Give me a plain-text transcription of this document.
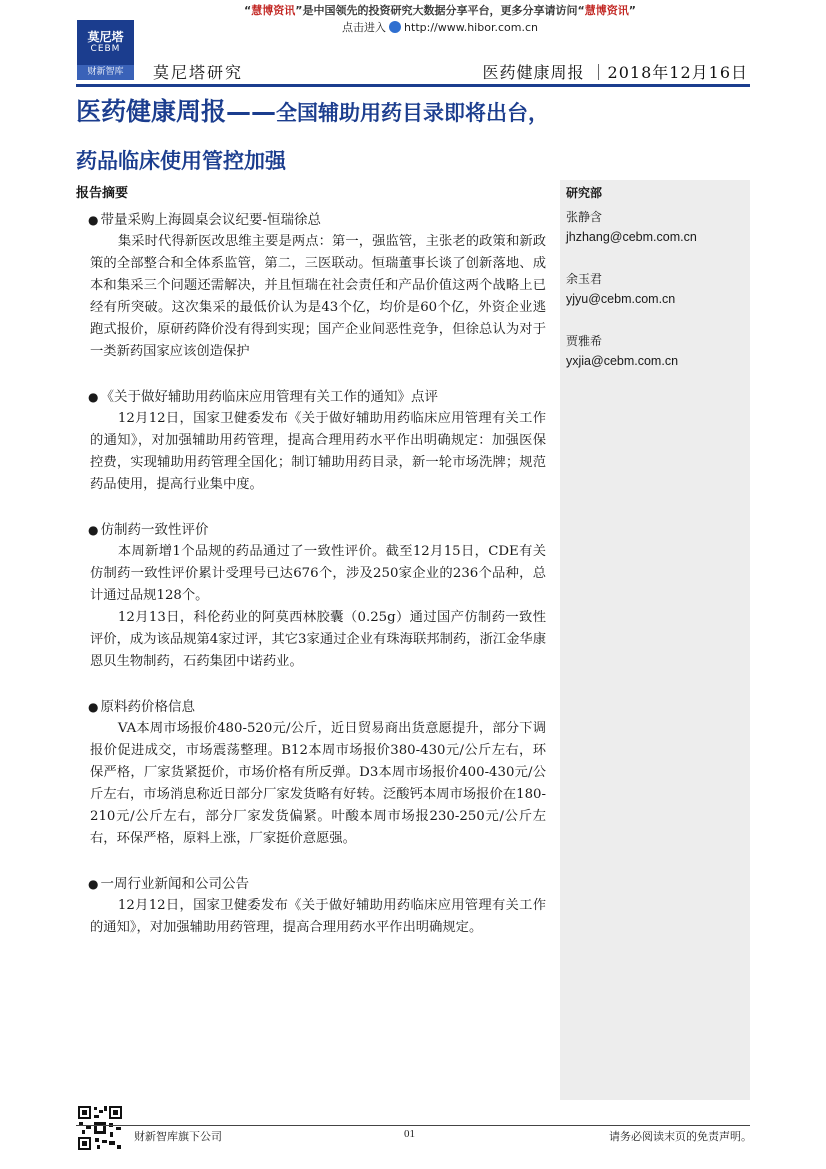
“慧博资讯”是中国领先的投资研究大数据分享平台，更多分享请访问“慧博资讯”
点击进入 http://www.hibor.com.cn
莫尼塔
CEBM
财新智库	莫尼塔研究	医药健康周报 ｜2018年12月16日
医药健康周报——全国辅助用药目录即将出台，药品临床使用管控加强
研究部
张静含
jhzhang@cebm.com.cn
余玉君
yjyu@cebm.com.cn
贾雅希
yxjia@cebm.com.cn
报告摘要
● 带量采购上海圆桌会议纪要-恒瑞徐总

集采时代得新医改思维主要是两点：第一，强监管，主张老的政策和新政策的全部整合和全体系监管，第二，三医联动。恒瑞董事长谈了创新落地、成本和集采三个问题还需解决，并且恒瑞在社会责任和产品价值这两个战略上已经有所突破。这次集采的最低价认为是43个亿，均价是60个亿，外资企业逃跑式报价，原研药降价没有得到实现；国产企业间恶性竞争，但徐总认为对于一类新药国家应该创造保护

● 《关于做好辅助用药临床应用管理有关工作的通知》点评

12月12日，国家卫健委发布《关于做好辅助用药临床应用管理有关工作的通知》，对加强辅助用药管理，提高合理用药水平作出明确规定：加强医保控费，实现辅助用药管理全国化；制订辅助用药目录，新一轮市场洗牌；规范药品使用，提高行业集中度。

● 仿制药一致性评价

本周新增1个品规的药品通过了一致性评价。截至12月15日，CDE有关仿制药一致性评价累计受理号已达676个，涉及250家企业的236个品种，总计通过品规128个。

12月13日，科伦药业的阿莫西林胶囊（0.25g）通过国产仿制药一致性评价，成为该品规第4家过评，其它3家通过企业有珠海联邦制药，浙江金华康恩贝生物制药，石药集团中诺药业。

● 原料药价格信息

VA本周市场报价480-520元/公斤，近日贸易商出货意愿提升，部分下调报价促进成交，市场震荡整理。B12本周市场报价380-430元/公斤左右，环保严格，厂家货紧挺价，市场价格有所反弹。D3本周市场报价400-430元/公斤左右，市场消息称近日部分厂家发货略有好转。泛酸钙本周市场报价在180-210元/公斤左右，部分厂家发货偏紧。叶酸本周市场报230-250元/公斤左右，环保严格，原料上涨，厂家挺价意愿强。

● 一周行业新闻和公司公告

12月12日，国家卫健委发布《关于做好辅助用药临床应用管理有关工作的通知》，对加强辅助用药管理，提高合理用药水平作出明确规定。

财新智库旗下公司	01	请务必阅读末页的免责声明。
